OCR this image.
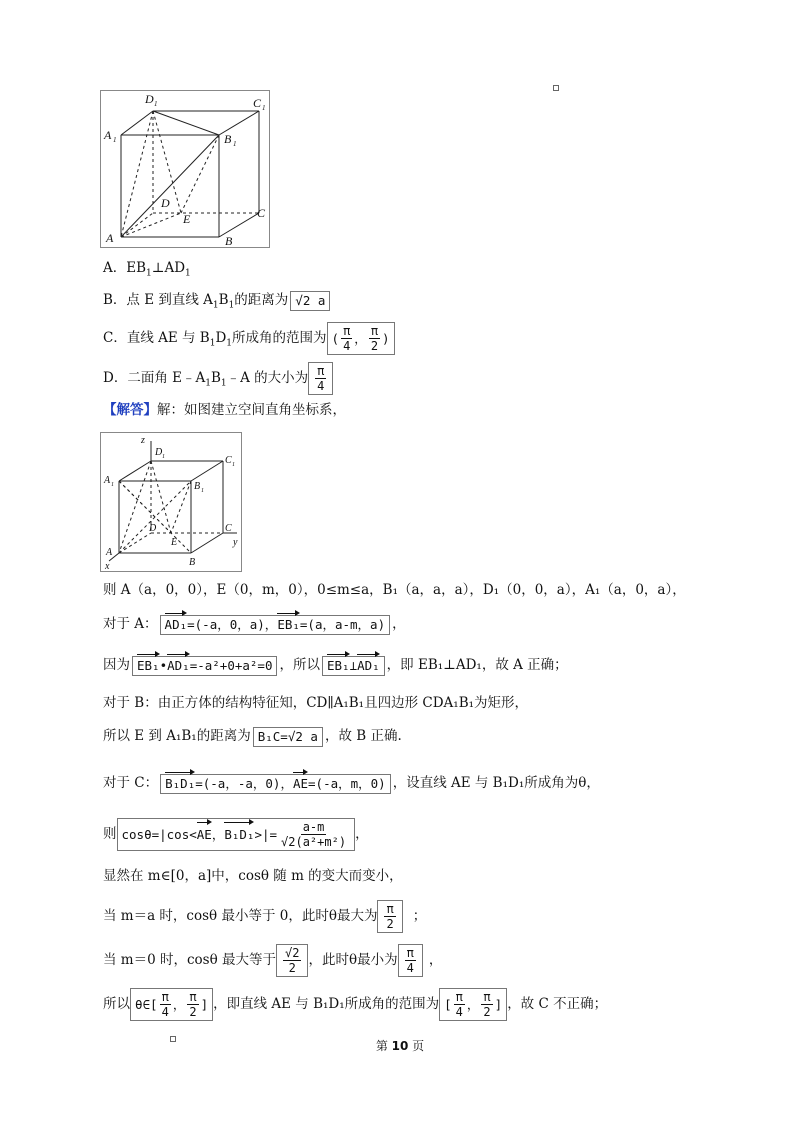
D 1	C 1
A 1	B 1
D
E	C
A	B
A．$EB_1\perp AD_1$
B．点 E 到直线 $A_1B_1$的距离为 √2 a
C．直线 AE 与 $B_1D_1$所成角的范围为 ( $\frac{\pi}{4}$ ， $\frac{\pi}{2}$ )
D．二面角 $E﹣A_1B_1﹣A$ 的大小为 $\frac{\pi}{4}$
【解答】解：如图建立空间直角坐标系，
z
D 1	C 1
A 1	B 1
D
E
C
y
A
x	B
则 A（a，0，0），E（0，m，0），0≤m≤a，B₁（a，a，a），D₁（0，0，a），A₁（a，0，a），
对于 A： AD₁=(-a，0，a)，EB₁=(a，a-m，a) ，
因为 EB₁•AD₁=-a²+0+a²=0 ，所以 EB₁⊥AD₁ ，即 EB₁⊥AD₁，故 A 正确；
对于 B：由正方体的结构特征知，CD∥A₁B₁且四边形 CDA₁B₁为矩形，
所以 E 到 A₁B₁的距离为 B₁C=√2 a ，故 B 正确.
对于 C： B₁D₁=(-a，-a，0)，AE=(-a，m，0) ，设直线 AE 与 B₁D₁所成角为θ，
则 cosθ=|cos< AE ， B₁D₁ >|= $\frac{a-m}{\text{√2(a²+m²)}}$ ，
显然在 m∈[0，a]中，cosθ 随 m 的变大而变小，
当 m＝a 时，cosθ 最小等于 0，此时θ最大为 $\frac{\pi}{2}$ ；
当 m＝0 时，cosθ 最大等于 $\frac{√2}{2}$ ，此时θ最小为 $\frac{\pi}{4}$ ，
所以 θ∈[ $\frac{\pi}{4}$ ， $\frac{\pi}{2}$ ] ，即直线 AE 与 B₁D₁所成角的范围为 [ $\frac{\pi}{4}$ ， $\frac{\pi}{2}$ ] ，故 C 不正确；
第 10 页
